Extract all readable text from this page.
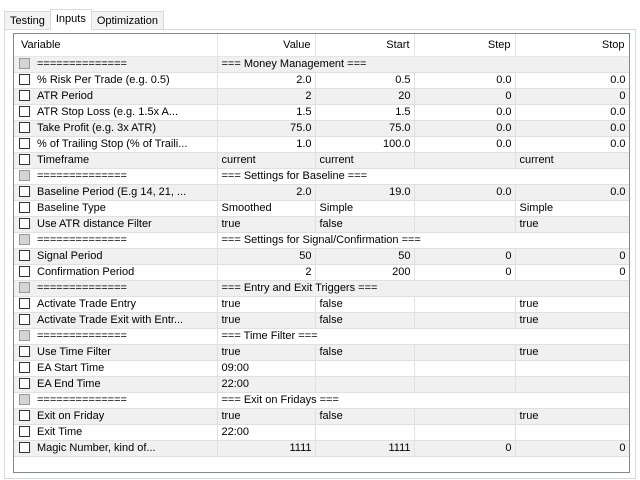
Testing	Inputs	Optimization
Variable	Value	Start	Step	Stop
==============	=== Money Management ===			
% Risk Per Trade (e.g. 0.5)	2.0	0.5	0.0	0.0
ATR Period	2	20	0	0
ATR Stop Loss (e.g. 1.5x A...	1.5	1.5	0.0	0.0
Take Profit (e.g. 3x ATR)	75.0	75.0	0.0	0.0
% of Trailing Stop (% of Traili...	1.0	100.0	0.0	0.0
Timeframe	current	current		current
==============	=== Settings for Baseline ===			
Baseline Period (E.g 14, 21, ...	2.0	19.0	0.0	0.0
Baseline Type	Smoothed	Simple		Simple
Use ATR distance Filter	true	false		true
==============	=== Settings for Signal/Confirmation ===			
Signal Period	50	50	0	0
Confirmation Period	2	200	0	0
==============	=== Entry and Exit Triggers ===			
Activate Trade Entry	true	false		true
Activate Trade Exit with Entr...	true	false		true
==============	=== Time Filter ===			
Use Time Filter	true	false		true
EA Start Time	09:00			
EA End Time	22:00			
==============	=== Exit on Fridays ===			
Exit on Friday	true	false		true
Exit Time	22:00			
Magic Number, kind of...	1111	1111	0	0
